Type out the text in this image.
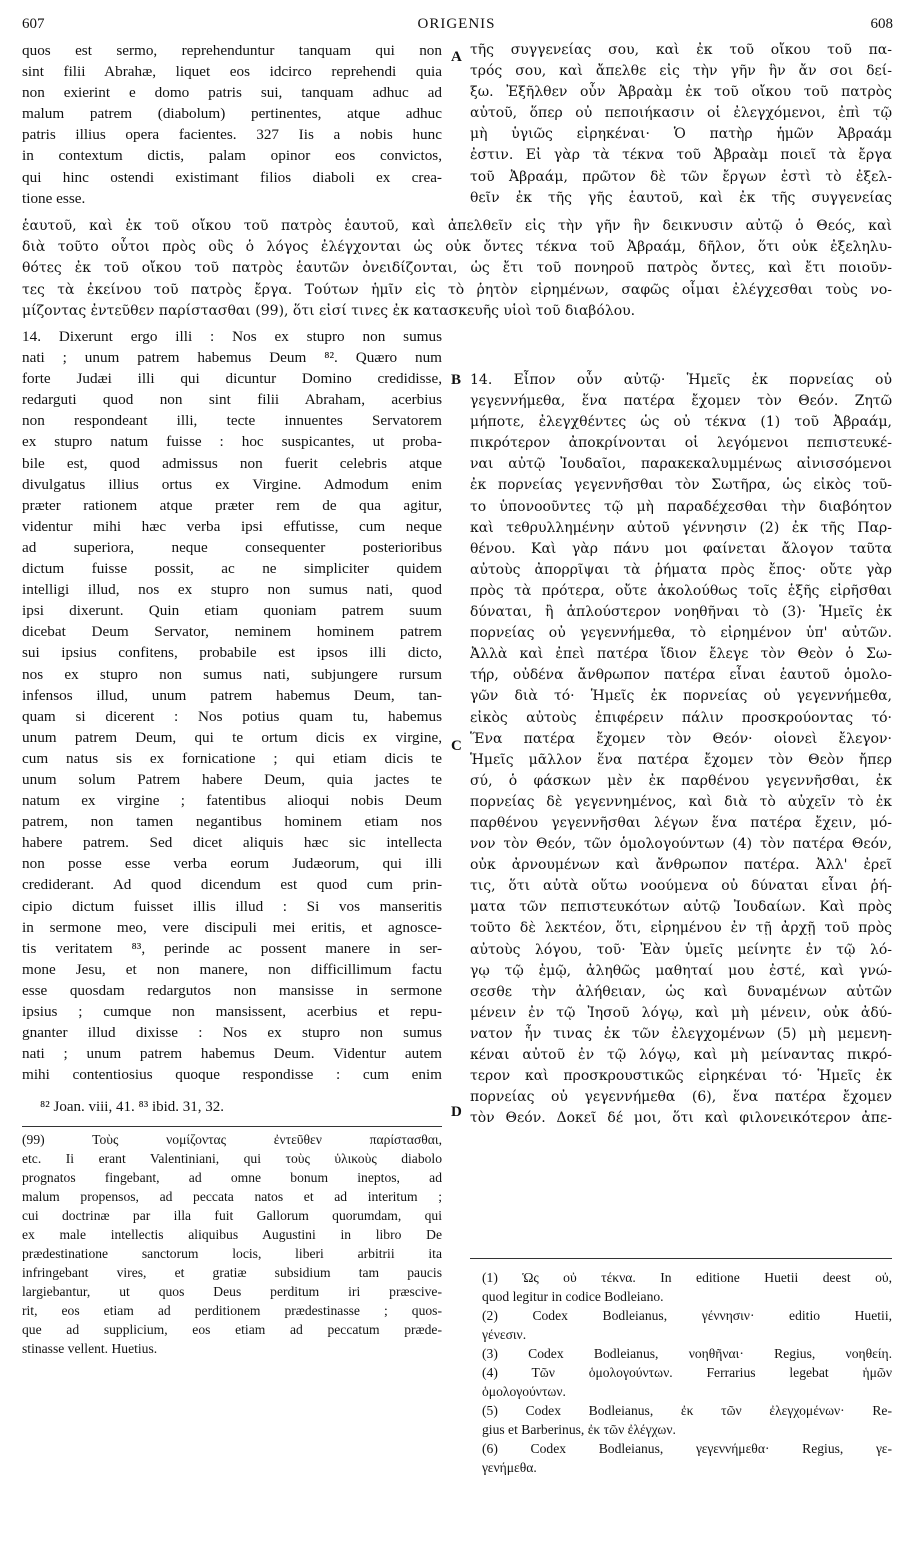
607	ORIGENIS	608
quos est sermo, reprehenduntur tanquam qui non
sint filii Abrahæ, liquet eos idcirco reprehendi quia
non exierint e domo patris sui, tanquam adhuc ad
malum patrem (diabolum) pertinentes, atque adhuc
patris illius opera facientes. 327 Iis a nobis hunc
in contextum dictis, palam opinor eos convictos,
qui hinc ostendi existimant filios diaboli ex crea-
tione esse.
A τῆς συγγενείας σου, καὶ ἐκ τοῦ οἴκου τοῦ πα-
τρός σου, καὶ ἄπελθε εἰς τὴν γῆν ἣν ἄν σοι δεί-
ξω. Ἐξῆλθεν οὖν Ἀβραὰμ ἐκ τοῦ οἴκου τοῦ πατρὸς
αὐτοῦ, ὅπερ οὐ πεποιήκασιν οἱ ἐλεγχόμενοι, ἐπὶ τῷ
μὴ ὑγιῶς εἰρηκέναι· Ὁ πατὴρ ἡμῶν Ἀβραάμ
ἐστιν. Εἰ γὰρ τὰ τέκνα τοῦ Ἀβραὰμ ποιεῖ τὰ ἔργα
τοῦ Ἀβραάμ, πρῶτον δὲ τῶν ἔργων ἐστὶ τὸ ἐξελ-
θεῖν ἐκ τῆς γῆς ἑαυτοῦ, καὶ ἐκ τῆς συγγενείας
ἑαυτοῦ, καὶ ἐκ τοῦ οἴκου τοῦ πατρὸς ἑαυτοῦ, καὶ ἀπελθεῖν εἰς τὴν γῆν ἣν δεικνυσιν αὐτῷ ὁ Θεός, καὶ
διὰ τοῦτο οὗτοι πρὸς οὓς ὁ λόγος ἐλέγχονται ὡς οὐκ ὄντες τέκνα τοῦ Ἀβραάμ, δῆλον, ὅτι οὐκ ἐξεληλυ-
θότες ἐκ τοῦ οἴκου τοῦ πατρὸς ἑαυτῶν ὀνειδίζονται, ὡς ἔτι τοῦ πονηροῦ πατρὸς ὄντες, καὶ ἔτι ποιοῦν-
τες τὰ ἐκείνου τοῦ πατρὸς ἔργα. Τούτων ἡμῖν εἰς τὸ ῥητὸν εἰρημένων, σαφῶς οἶμαι ἐλέγχεσθαι τοὺς νο-
μίζοντας ἐντεῦθεν παρίστασθαι (99), ὅτι εἰσί τινες ἐκ κατασκευῆς υἱοὶ τοῦ διαβόλου.
14. Dixerunt ergo illi : Nos ex stupro non sumus
nati ; unum patrem habemus Deum ⁸². Quæro num
forte Judæi illi qui dicuntur Domino credidisse,
redarguti quod non sint filii Abraham, acerbius
non respondeant illi, tecte innuentes Servatorem
ex stupro natum fuisse : hoc suspicantes, ut proba-
bile est, quod admissus non fuerit celebris atque
divulgatus illius ortus ex Virgine. Admodum enim
præter rationem atque præter rem de qua agitur,
videntur mihi hæc verba ipsi effutisse, cum neque
ad superiora, neque consequenter posterioribus
dictum fuisse possit, ac ne simpliciter quidem
intelligi illud, nos ex stupro non sumus nati, quod
ipsi dixerunt. Quin etiam quoniam patrem suum
dicebat Deum Servator, neminem hominem patrem
sui ipsius confitens, probabile est ipsos illi dicto,
nos ex stupro non sumus nati, subjungere rursum
infensos illud, unum patrem habemus Deum, tan-
quam si dicerent : Nos potius quam tu, habemus
unum patrem Deum, qui te ortum dicis ex virgine,
cum natus sis ex fornicatione ; qui etiam dicis te
unum solum Patrem habere Deum, quia jactes te
natum ex virgine ; fatentibus alioqui nobis Deum
patrem, non tamen negantibus hominem etiam nos
habere patrem. Sed dicet aliquis hæc sic intellecta
non posse esse verba eorum Judæorum, qui illi
crediderant. Ad quod dicendum est quod cum prin-
cipio dictum fuisset illis illud : Si vos manseritis
in sermone meo, vere discipuli mei eritis, et agnosce-
tis veritatem ⁸³, perinde ac possent manere in ser-
mone Jesu, et non manere, non difficillimum factu
esse quosdam redargutos non mansisse in sermone
ipsius ; cumque non mansissent, acerbius et repu-
gnanter illud dixisse : Nos ex stupro non sumus
nati ; unum patrem habemus Deum. Videntur autem
mihi contentiosius quoque respondisse : cum enim
B
C
D
14. Εἶπον οὖν αὐτῷ· Ἡμεῖς ἐκ πορνείας οὐ
γεγεννήμεθα, ἕνα πατέρα ἔχομεν τὸν Θεόν. Ζητῶ
μήποτε, ἐλεγχθέντες ὡς οὐ τέκνα (1) τοῦ Ἀβραάμ,
πικρότερον ἀποκρίνονται οἱ λεγόμενοι πεπιστευκέ-
ναι αὐτῷ Ἰουδαῖοι, παρακεκαλυμμένως αἰνισσόμενοι
ἐκ πορνείας γεγεννῆσθαι τὸν Σωτῆρα, ὡς εἰκὸς τοῦ-
το ὑπονοοῦντες τῷ μὴ παραδέχεσθαι τὴν διαβόητον
καὶ τεθρυλλημένην αὐτοῦ γέννησιν (2) ἐκ τῆς Παρ-
θένου. Καὶ γὰρ πάνυ μοι φαίνεται ἄλογον ταῦτα
αὐτοὺς ἀπορρῖψαι τὰ ῥήματα πρὸς ἔπος· οὔτε γὰρ
πρὸς τὰ πρότερα, οὔτε ἀκολούθως τοῖς ἑξῆς εἰρῆσθαι
δύναται, ἢ ἁπλούστερον νοηθῆναι τὸ (3)· Ἡμεῖς ἐκ
πορνείας οὐ γεγεννήμεθα, τὸ εἰρημένον ὑπ' αὐτῶν.
Ἀλλὰ καὶ ἐπεὶ πατέρα ἴδιον ἔλεγε τὸν Θεὸν ὁ Σω-
τήρ, οὐδένα ἄνθρωπον πατέρα εἶναι ἑαυτοῦ ὁμολο-
γῶν διὰ τό· Ἡμεῖς ἐκ πορνείας οὐ γεγεννήμεθα,
εἰκὸς αὐτοὺς ἐπιφέρειν πάλιν προσκρούοντας τό·
Ἕνα πατέρα ἔχομεν τὸν Θεόν· οἱονεὶ ἔλεγον·
Ἡμεῖς μᾶλλον ἕνα πατέρα ἔχομεν τὸν Θεὸν ἤπερ
σύ, ὁ φάσκων μὲν ἐκ παρθένου γεγεννῆσθαι, ἐκ
πορνείας δὲ γεγεννημένος, καὶ διὰ τὸ αὐχεῖν τὸ ἐκ
παρθένου γεγεννῆσθαι λέγων ἕνα πατέρα ἔχειν, μό-
νον τὸν Θεόν, τῶν ὁμολογούντων (4) τὸν πατέρα Θεόν,
οὐκ ἀρνουμένων καὶ ἄνθρωπον πατέρα. Ἀλλ' ἐρεῖ
τις, ὅτι αὐτὰ οὕτω νοούμενα οὐ δύναται εἶναι ῥή-
ματα τῶν πεπιστευκότων αὐτῷ Ἰουδαίων. Καὶ πρὸς
τοῦτο δὲ λεκτέον, ὅτι, εἰρημένου ἐν τῇ ἀρχῇ τοῦ πρὸς
αὐτοὺς λόγου, τοῦ· Ἐὰν ὑμεῖς μείνητε ἐν τῷ λό-
γῳ τῷ ἐμῷ, ἀληθῶς μαθηταί μου ἐστέ, καὶ γνώ-
σεσθε τὴν ἀλήθειαν, ὡς καὶ δυναμένων αὐτῶν
μένειν ἐν τῷ Ἰησοῦ λόγῳ, καὶ μὴ μένειν, οὐκ ἀδύ-
νατον ἦν τινας ἐκ τῶν ἐλεγχομένων (5) μὴ μεμενη-
κέναι αὐτοῦ ἐν τῷ λόγῳ, καὶ μὴ μείναντας πικρό-
τερον καὶ προσκρουστικῶς εἰρηκέναι τό· Ἡμεῖς ἐκ
πορνείας οὐ γεγεννήμεθα (6), ἕνα πατέρα ἔχομεν
τὸν Θεόν. Δοκεῖ δέ μοι, ὅτι καὶ φιλονεικότερον ἀπε-
⁸² Joan. viii, 41. ⁸³ ibid. 31, 32.
(99) Τοὺς νομίζοντας ἐντεῦθεν παρίστασθαι,
etc. Ii erant Valentiniani, qui τοὺς ὑλικοὺς diabolo
prognatos fingebant, ad omne bonum ineptos, ad
malum propensos, ad peccata natos et ad interitum ;
cui doctrinæ par illa fuit Gallorum quorumdam, qui
ex male intellectis aliquibus Augustini in libro De
prædestinatione sanctorum locis, liberi arbitrii ita
infringebant vires, et gratiæ subsidium tam paucis
largiebantur, ut quos Deus perditum iri præscive-
rit, eos etiam ad perditionem prædestinasse ; quos-
que ad supplicium, eos etiam ad peccatum præde-
stinasse vellent. Huetius.
(1) Ὡς οὐ τέκνα. In editione Huetii deest οὐ,
quod legitur in codice Bodleiano.
(2) Codex Bodleianus, γέννησιν· editio Huetii,
γένεσιν.
(3) Codex Bodleianus, νοηθῆναι· Regius, νοηθείη.
(4) Τῶν ὁμολογούντων. Ferrarius legebat ἡμῶν
ὁμολογούντων.
(5) Codex Bodleianus, ἐκ τῶν ἐλεγχομένων· Re-
gius et Barberinus, ἐκ τῶν ἐλέγχων.
(6) Codex Bodleianus, γεγεννήμεθα· Regius, γε-
γενήμεθα.
